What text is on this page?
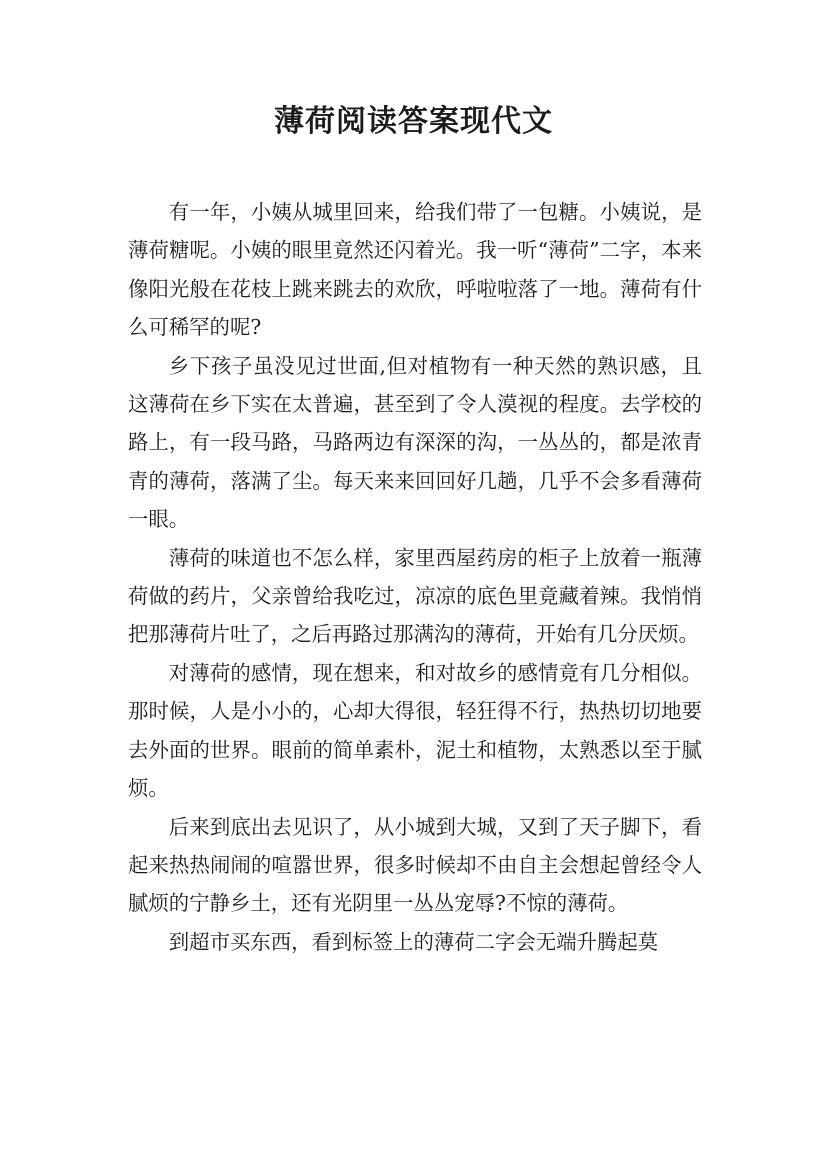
薄荷阅读答案现代文

有一年，小姨从城里回来，给我们带了一包糖。小姨说，是薄荷糖呢。小姨的眼里竟然还闪着光。我一听“薄荷”二字，本来像阳光般在花枝上跳来跳去的欢欣，呼啦啦落了一地。薄荷有什么可稀罕的呢?

乡下孩子虽没见过世面,但对植物有一种天然的熟识感，且这薄荷在乡下实在太普遍，甚至到了令人漠视的程度。去学校的路上，有一段马路，马路两边有深深的沟，一丛丛的，都是浓青青的薄荷，落满了尘。每天来来回回好几趟，几乎不会多看薄荷一眼。

薄荷的味道也不怎么样，家里西屋药房的柜子上放着一瓶薄荷做的药片，父亲曾给我吃过，凉凉的底色里竟藏着辣。我悄悄把那薄荷片吐了，之后再路过那满沟的薄荷，开始有几分厌烦。

对薄荷的感情，现在想来，和对故乡的感情竟有几分相似。那时候，人是小小的，心却大得很，轻狂得不行，热热切切地要去外面的世界。眼前的简单素朴，泥土和植物，太熟悉以至于腻烦。

后来到底出去见识了，从小城到大城，又到了天子脚下，看起来热热闹闹的喧嚣世界，很多时候却不由自主会想起曾经令人腻烦的宁静乡土，还有光阴里一丛丛宠辱?不惊的薄荷。

到超市买东西，看到标签上的薄荷二字会无端升腾起莫
